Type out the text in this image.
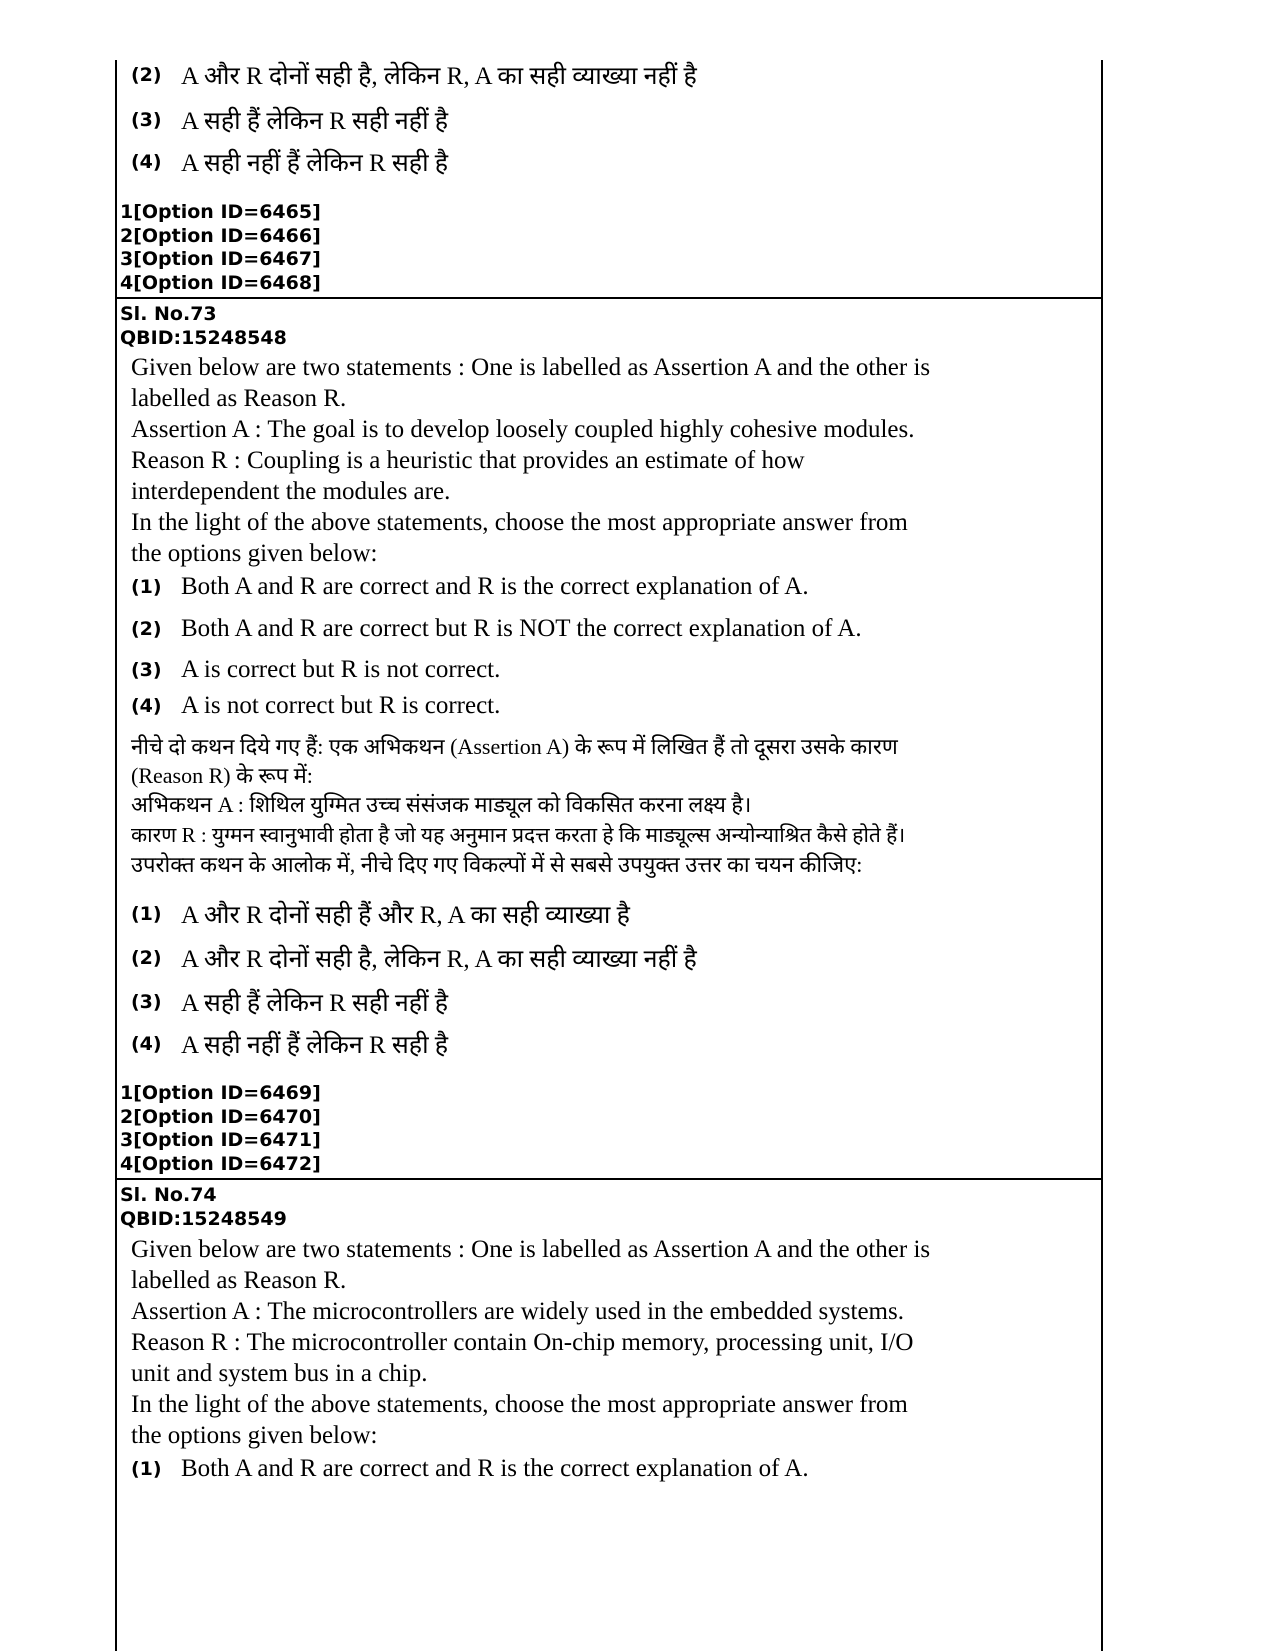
(2) A और R दोनों सही है, लेकिन R, A का सही व्याख्या नहीं है
(3) A सही हैं लेकिन R सही नहीं है
(4) A सही नहीं हैं लेकिन R सही है
1[Option ID=6465]
2[Option ID=6466]
3[Option ID=6467]
4[Option ID=6468]
Sl. No.73
QBID:15248548
Given below are two statements : One is labelled as Assertion A and the other is
labelled as Reason R.
Assertion A : The goal is to develop loosely coupled highly cohesive modules.
Reason R : Coupling is a heuristic that provides an estimate of how
interdependent the modules are.
In the light of the above statements, choose the most appropriate answer from
the options given below:
(1) Both A and R are correct and R is the correct explanation of A.
(2) Both A and R are correct but R is NOT the correct explanation of A.
(3) A is correct but R is not correct.
(4) A is not correct but R is correct.
नीचे दो कथन दिये गए हैं: एक अभिकथन (Assertion A) के रूप में लिखित हैं तो दूसरा उसके कारण
(Reason R) के रूप में:
अभिकथन A : शिथिल युग्मित उच्च संसंजक माड्यूल को विकसित करना लक्ष्य है।
कारण R : युग्मन स्वानुभावी होता है जो यह अनुमान प्रदत्त करता हे कि माड्यूल्स अन्योन्याश्रित कैसे होते हैं।
उपरोक्त कथन के आलोक में, नीचे दिए गए विकल्पों में से सबसे उपयुक्त उत्तर का चयन कीजिए:
(1) A और R दोनों सही हैं और R, A का सही व्याख्या है
(2) A और R दोनों सही है, लेकिन R, A का सही व्याख्या नहीं है
(3) A सही हैं लेकिन R सही नहीं है
(4) A सही नहीं हैं लेकिन R सही है
1[Option ID=6469]
2[Option ID=6470]
3[Option ID=6471]
4[Option ID=6472]
Sl. No.74
QBID:15248549
Given below are two statements : One is labelled as Assertion A and the other is
labelled as Reason R.
Assertion A : The microcontrollers are widely used in the embedded systems.
Reason R : The microcontroller contain On-chip memory, processing unit, I/O
unit and system bus in a chip.
In the light of the above statements, choose the most appropriate answer from
the options given below:
(1) Both A and R are correct and R is the correct explanation of A.
